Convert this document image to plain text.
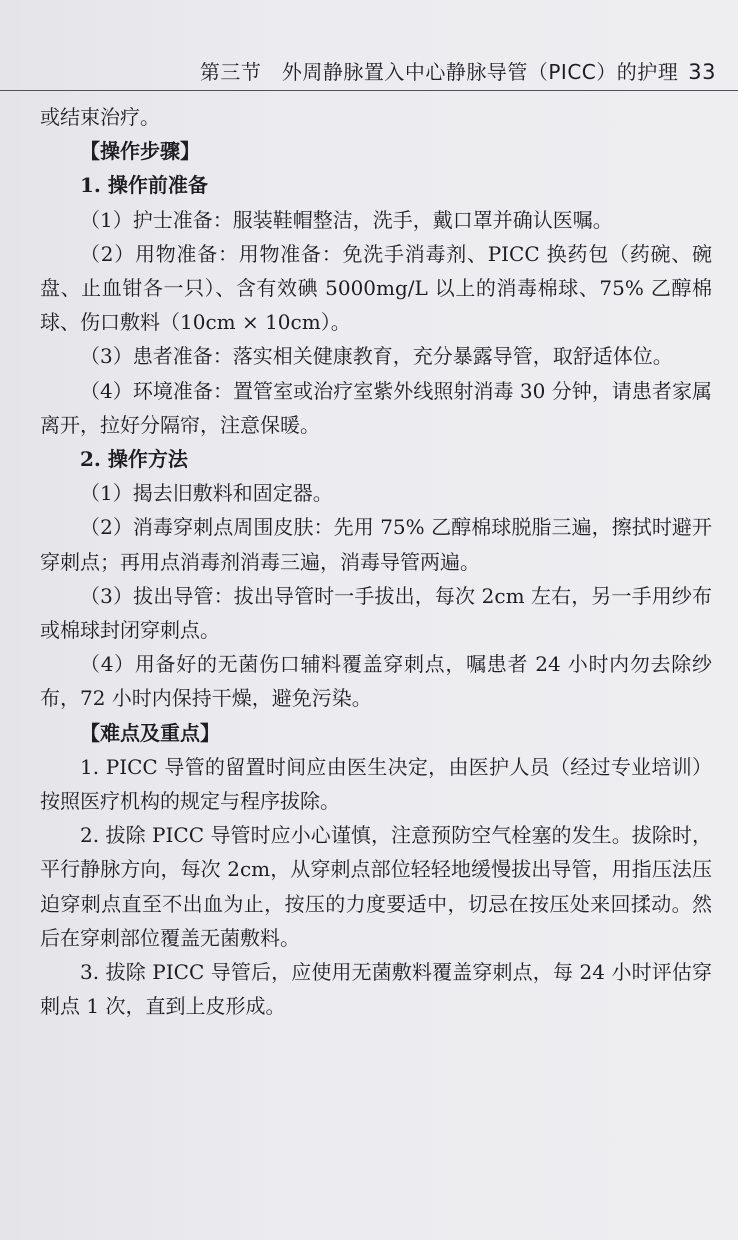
第三节　外周静脉置入中心静脉导管（PICC）的护理 33

或结束治疗。

【操作步骤】

1. 操作前准备

（1）护士准备：服装鞋帽整洁，洗手，戴口罩并确认医嘱。

（2）用物准备：用物准备：免洗手消毒剂、PICC 换药包（药碗、碗盘、止血钳各一只）、含有效碘 5000mg/L 以上的消毒棉球、75% 乙醇棉球、伤口敷料（10cm × 10cm）。

（3）患者准备：落实相关健康教育，充分暴露导管，取舒适体位。

（4）环境准备：置管室或治疗室紫外线照射消毒 30 分钟，请患者家属离开，拉好分隔帘，注意保暖。

2. 操作方法

（1）揭去旧敷料和固定器。

（2）消毒穿刺点周围皮肤：先用 75% 乙醇棉球脱脂三遍，擦拭时避开穿刺点；再用点消毒剂消毒三遍，消毒导管两遍。

（3）拔出导管：拔出导管时一手拔出，每次 2cm 左右，另一手用纱布或棉球封闭穿刺点。

（4）用备好的无菌伤口辅料覆盖穿刺点，嘱患者 24 小时内勿去除纱布，72 小时内保持干燥，避免污染。

【难点及重点】

1. PICC 导管的留置时间应由医生决定，由医护人员（经过专业培训）按照医疗机构的规定与程序拔除。

2. 拔除 PICC 导管时应小心谨慎，注意预防空气栓塞的发生。拔除时，平行静脉方向，每次 2cm，从穿刺点部位轻轻地缓慢拔出导管，用指压法压迫穿刺点直至不出血为止，按压的力度要适中，切忌在按压处来回揉动。然后在穿刺部位覆盖无菌敷料。

3. 拔除 PICC 导管后，应使用无菌敷料覆盖穿刺点，每 24 小时评估穿刺点 1 次，直到上皮形成。
